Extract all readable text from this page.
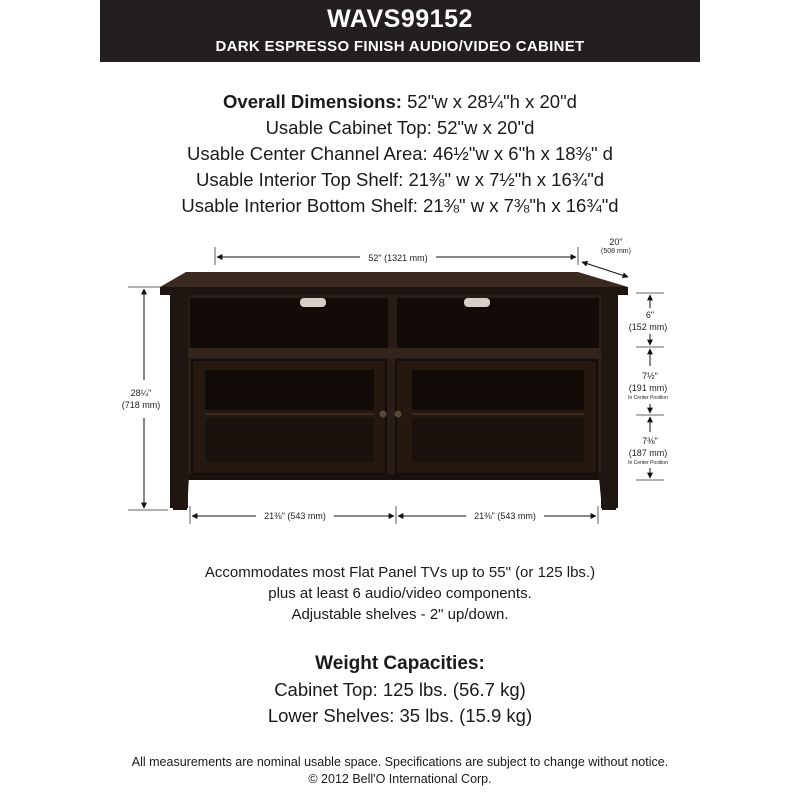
WAVS99152
DARK ESPRESSO FINISH AUDIO/VIDEO CABINET
Overall Dimensions: 52"w x 28¼"h x 20"d
Usable Cabinet Top: 52"w x 20"d
Usable Center Channel Area: 46½"w x 6"h x 18⅜" d
Usable Interior Top Shelf: 21⅜" w x 7½"h x 16¾"d
Usable Interior Bottom Shelf: 21⅜" w x 7⅜"h x 16¾"d
52" (1321 mm)
20"
(508 mm)
28¼"
(718 mm)
6"
(152 mm)
7½"
(191 mm)
In Center Position
7⅜"
(187 mm)
In Center Position
21⅜" (543 mm)	21⅜" (543 mm)
Accommodates most Flat Panel TVs up to 55" (or 125 lbs.)
plus at least 6 audio/video components.
Adjustable shelves - 2" up/down.
Weight Capacities:
Cabinet Top: 125 lbs. (56.7 kg)
Lower Shelves: 35 lbs. (15.9 kg)
All measurements are nominal usable space. Specifications are subject to change without notice.
© 2012 Bell'O International Corp.
